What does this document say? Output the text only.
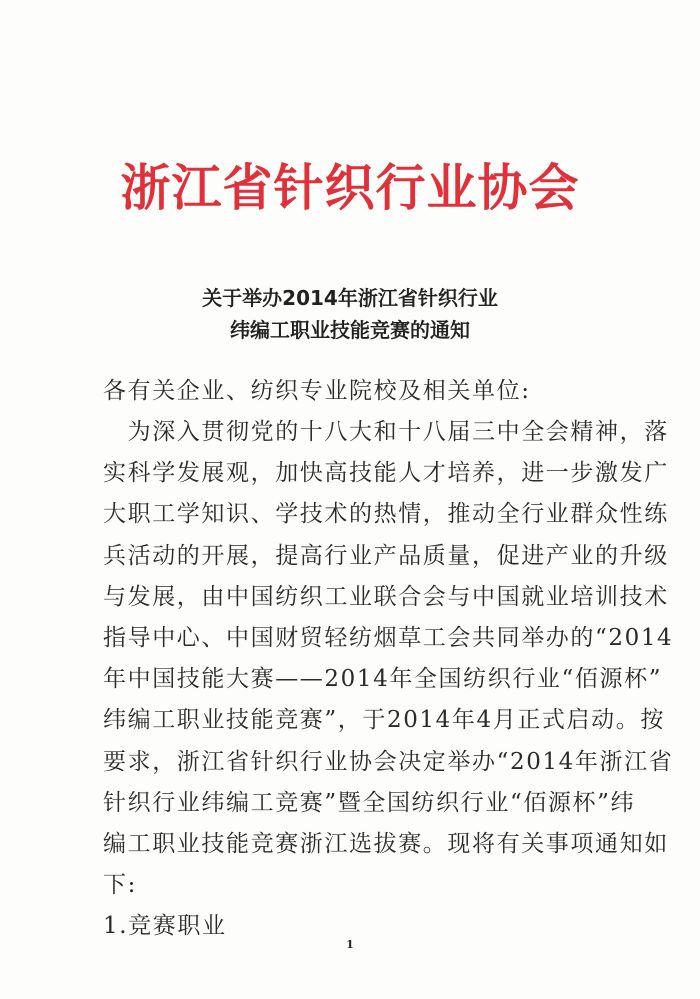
浙江省针织行业协会
关于举办2014年浙江省针织行业
纬编工职业技能竞赛的通知
各有关企业、纺织专业院校及相关单位:
　为深入贯彻党的十八大和十八届三中全会精神，落
实科学发展观，加快高技能人才培养，进一步激发广
大职工学知识、学技术的热情，推动全行业群众性练
兵活动的开展，提高行业产品质量，促进产业的升级
与发展，由中国纺织工业联合会与中国就业培训技术
指导中心、中国财贸轻纺烟草工会共同举办的“2014
年中国技能大赛——2014年全国纺织行业“佰源杯”
纬编工职业技能竞赛”，于2014年4月正式启动。按
要求，浙江省针织行业协会决定举办“2014年浙江省
针织行业纬编工竞赛”暨全国纺织行业“佰源杯”纬
编工职业技能竞赛浙江选拔赛。现将有关事项通知如
下:
1.竞赛职业
1
